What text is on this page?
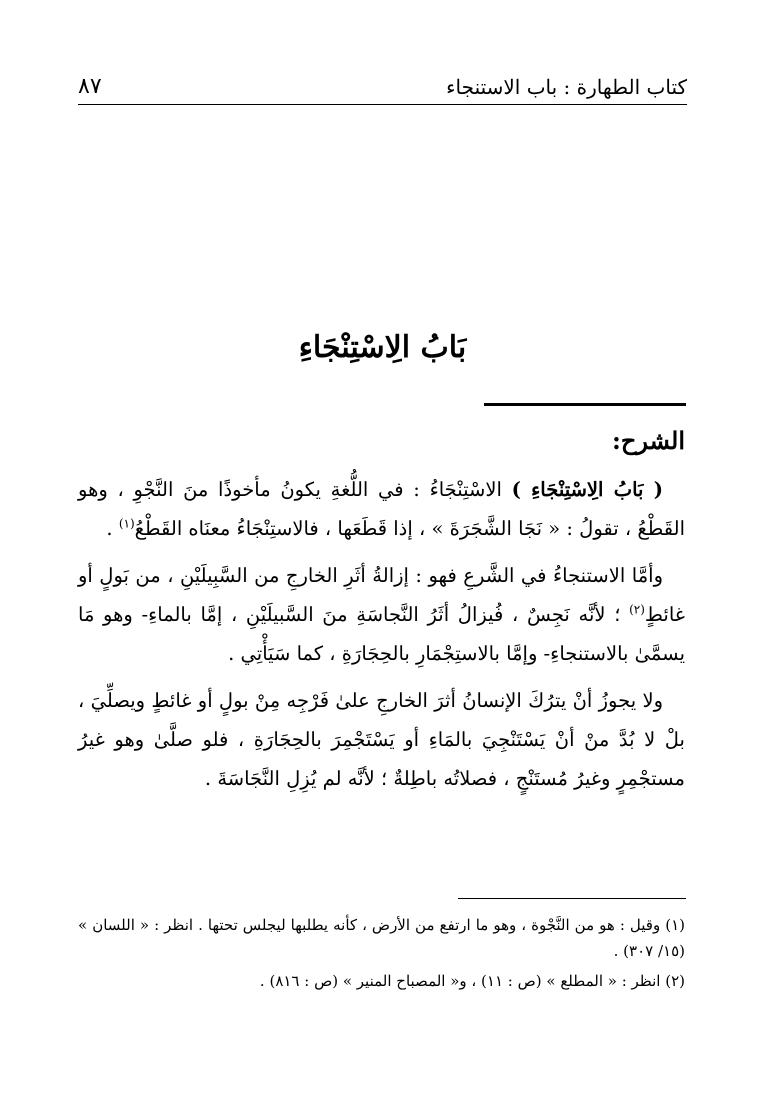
كتاب الطهارة : باب الاستنجاء
٨٧
بَابُ الِاسْتِنْجَاءِ
الشرح:

( بَابُ الِاسْتِنْجَاءِ ) الاسْتِنْجَاءُ : في اللُّغةِ يكونُ مأخوذًا منَ النَّجْوِ ، وهو القَطْعُ ، تقولُ : « نَجَا الشَّجَرَةَ » ، إذا قَطَعَها ، فالاستِنْجَاءُ معنَاه القَطْعُ$^{(١)}$ .

وأمَّا الاستنجاءُ في الشَّرعِ فهو : إزالةُ أثَرِ الخارجِ من السَّبِيلَيْنِ ، من بَولٍ أو غائطٍ$^{(٢)}$ ؛ لأنَّه نَجِسٌ ، فُيزالُ أثَرُ النَّجاسَةِ منَ السَّبيلَيْنِ ، إمَّا بالماءِ- وهو مَا يسمَّىٰ بالاستنجاءِ- وإمَّا بالاستِجْمَارِ بالحِجَارَةِ ، كما سَيَأْتِي .

ولا يجوزُ أنْ يترُكَ الإنسانُ أثرَ الخارجِ علىٰ فَرْجِه مِنْ بولٍ أو غائطٍ ويصلِّيَ ، بلْ لا بُدَّ منْ أنْ يَسْتَنْجِيَ بالمَاءِ أو يَسْتَجْمِرَ بالحِجَارَةِ ، فلو صلَّىٰ وهو غيرُ مستجْمِرٍ وغيرُ مُستَنْجٍ ، فصلاتُه باطِلةٌ ؛ لأنَّه لم يُزِلِ النَّجَاسَةَ .

(١) وقيل : هو من النَّجْوة ، وهو ما ارتفع من الأرض ، كأنه يطلبها ليجلس تحتها . انظر : « اللسان » (١٥/ ٣٠٧) .

(٢) انظر : « المطلع » (ص : ١١) ، و« المصباح المنير » (ص : ٨١٦) .
